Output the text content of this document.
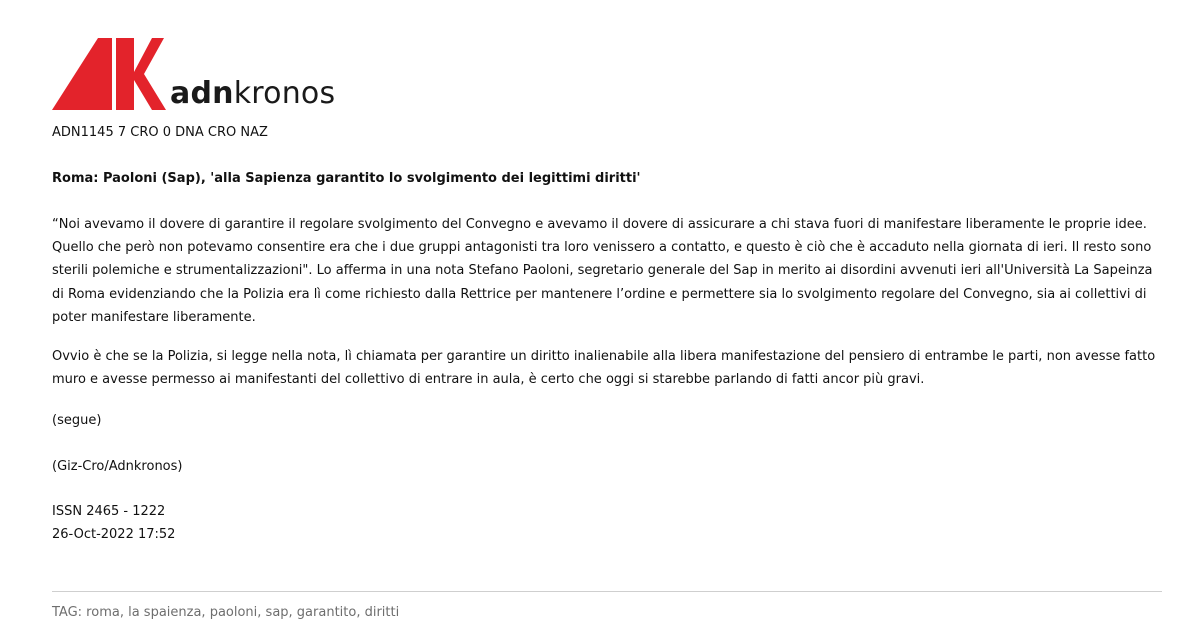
adnkronos
ADN1145 7 CRO 0 DNA CRO NAZ
Roma: Paoloni (Sap), 'alla Sapienza garantito lo svolgimento dei legittimi diritti'

“Noi avevamo il dovere di garantire il regolare svolgimento del Convegno e avevamo il dovere di assicurare a chi stava fuori di manifestare liberamente le proprie idee. Quello che però non potevamo consentire era che i due gruppi antagonisti tra loro venissero a contatto, e questo è ciò che è accaduto nella giornata di ieri. Il resto sono sterili polemiche e strumentalizzazioni". Lo afferma in una nota Stefano Paoloni, segretario generale del Sap in merito ai disordini avvenuti ieri all'Università La Sapeinza di Roma evidenziando che la Polizia era lì come richiesto dalla Rettrice per mantenere l’ordine e permettere sia lo svolgimento regolare del Convegno, sia ai collettivi di poter manifestare liberamente.

Ovvio è che se la Polizia, si legge nella nota, lì chiamata per garantire un diritto inalienabile alla libera manifestazione del pensiero di entrambe le parti, non avesse fatto muro e avesse permesso ai manifestanti del collettivo di entrare in aula, è certo che oggi si starebbe parlando di fatti ancor più gravi.

(segue)
(Giz-Cro/Adnkronos)
ISSN 2465 - 1222
26-Oct-2022 17:52
TAG: roma, la spaienza, paoloni, sap, garantito, diritti
